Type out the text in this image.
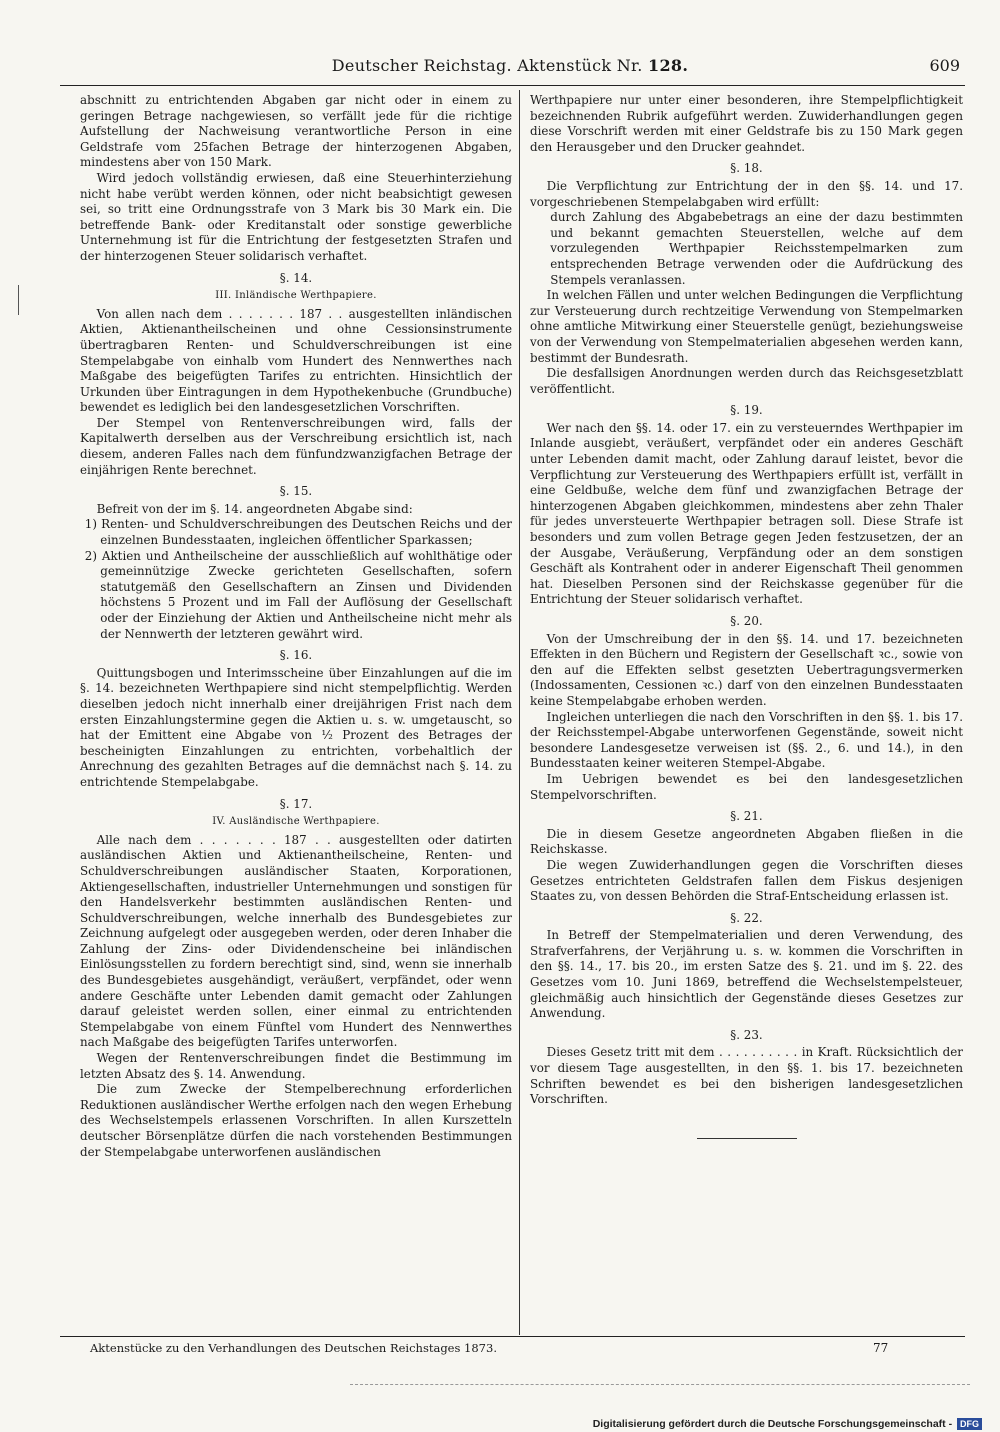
Deutscher Reichstag. Aktenstück Nr. 128.	609

abschnitt zu entrichtenden Abgaben gar nicht oder in einem zu geringen Betrage nachgewiesen, so verfällt jede für die richtige Aufstellung der Nachweisung verantwortliche Person in eine Geldstrafe vom 25fachen Betrage der hinterzogenen Abgaben, mindestens aber von 150 Mark.

Wird jedoch vollständig erwiesen, daß eine Steuerhinterziehung nicht habe verübt werden können, oder nicht beabsichtigt gewesen sei, so tritt eine Ordnungsstrafe von 3 Mark bis 30 Mark ein. Die betreffende Bank- oder Kreditanstalt oder sonstige gewerbliche Unternehmung ist für die Entrichtung der festgesetzten Strafen und der hinterzogenen Steuer solidarisch verhaftet.

§. 14.

III. Inländische Werthpapiere.

Von allen nach dem . . . . . . . 187 . . ausgestellten inländischen Aktien, Aktienantheilscheinen und ohne Cessionsinstrumente übertragbaren Renten- und Schuldverschreibungen ist eine Stempelabgabe von einhalb vom Hundert des Nennwerthes nach Maßgabe des beigefügten Tarifes zu entrichten. Hinsichtlich der Urkunden über Eintragungen in dem Hypothekenbuche (Grundbuche) bewendet es lediglich bei den landesgesetzlichen Vorschriften.

Der Stempel von Rentenverschreibungen wird, falls der Kapitalwerth derselben aus der Verschreibung ersichtlich ist, nach diesem, anderen Falles nach dem fünfundzwanzigfachen Betrage der einjährigen Rente berechnet.

§. 15.

Befreit von der im §. 14. angeordneten Abgabe sind:

1) Renten- und Schuldverschreibungen des Deutschen Reichs und der einzelnen Bundesstaaten, ingleichen öffentlicher Sparkassen;

2) Aktien und Antheilscheine der ausschließlich auf wohlthätige oder gemeinnützige Zwecke gerichteten Gesellschaften, sofern statutgemäß den Gesellschaftern an Zinsen und Dividenden höchstens 5 Prozent und im Fall der Auflösung der Gesellschaft oder der Einziehung der Aktien und Antheilscheine nicht mehr als der Nennwerth der letzteren gewährt wird.

§. 16.

Quittungsbogen und Interimsscheine über Einzahlungen auf die im §. 14. bezeichneten Werthpapiere sind nicht stempelpflichtig. Werden dieselben jedoch nicht innerhalb einer dreijährigen Frist nach dem ersten Einzahlungstermine gegen die Aktien u. s. w. umgetauscht, so hat der Emittent eine Abgabe von ⅟₂ Prozent des Betrages der bescheinigten Einzahlungen zu entrichten, vorbehaltlich der Anrechnung des gezahlten Betrages auf die demnächst nach §. 14. zu entrichtende Stempelabgabe.

§. 17.

IV. Ausländische Werthpapiere.

Alle nach dem . . . . . . . 187 . . ausgestellten oder datirten ausländischen Aktien und Aktienantheilscheine, Renten- und Schuldverschreibungen ausländischer Staaten, Korporationen, Aktiengesellschaften, industrieller Unternehmungen und sonstigen für den Handelsverkehr bestimmten ausländischen Renten- und Schuldverschreibungen, welche innerhalb des Bundesgebietes zur Zeichnung aufgelegt oder ausgegeben werden, oder deren Inhaber die Zahlung der Zins- oder Dividendenscheine bei inländischen Einlösungsstellen zu fordern berechtigt sind, sind, wenn sie innerhalb des Bundesgebietes ausgehändigt, veräußert, verpfändet, oder wenn andere Geschäfte unter Lebenden damit gemacht oder Zahlungen darauf geleistet werden sollen, einer einmal zu entrichtenden Stempelabgabe von einem Fünftel vom Hundert des Nennwerthes nach Maßgabe des beigefügten Tarifes unterworfen.

Wegen der Rentenverschreibungen findet die Bestimmung im letzten Absatz des §. 14. Anwendung.

Die zum Zwecke der Stempelberechnung erforderlichen Reduktionen ausländischer Werthe erfolgen nach den wegen Erhebung des Wechselstempels erlassenen Vorschriften. In allen Kurszetteln deutscher Börsenplätze dürfen die nach vorstehenden Bestimmungen der Stempelabgabe unterworfenen ausländischen

Werthpapiere nur unter einer besonderen, ihre Stempelpflichtigkeit bezeichnenden Rubrik aufgeführt werden. Zuwiderhandlungen gegen diese Vorschrift werden mit einer Geldstrafe bis zu 150 Mark gegen den Herausgeber und den Drucker geahndet.

§. 18.

Die Verpflichtung zur Entrichtung der in den §§. 14. und 17. vorgeschriebenen Stempelabgaben wird erfüllt:

durch Zahlung des Abgabebetrags an eine der dazu bestimmten und bekannt gemachten Steuerstellen, welche auf dem vorzulegenden Werthpapier Reichsstempelmarken zum entsprechenden Betrage verwenden oder die Aufdrückung des Stempels veranlassen.

In welchen Fällen und unter welchen Bedingungen die Verpflichtung zur Versteuerung durch rechtzeitige Verwendung von Stempelmarken ohne amtliche Mitwirkung einer Steuerstelle genügt, beziehungsweise von der Verwendung von Stempelmaterialien abgesehen werden kann, bestimmt der Bundesrath.

Die desfallsigen Anordnungen werden durch das Reichsgesetzblatt veröffentlicht.

§. 19.

Wer nach den §§. 14. oder 17. ein zu versteuerndes Werthpapier im Inlande ausgiebt, veräußert, verpfändet oder ein anderes Geschäft unter Lebenden damit macht, oder Zahlung darauf leistet, bevor die Verpflichtung zur Versteuerung des Werthpapiers erfüllt ist, verfällt in eine Geldbuße, welche dem fünf und zwanzigfachen Betrage der hinterzogenen Abgaben gleichkommen, mindestens aber zehn Thaler für jedes unversteuerte Werthpapier betragen soll. Diese Strafe ist besonders und zum vollen Betrage gegen Jeden festzusetzen, der an der Ausgabe, Veräußerung, Verpfändung oder an dem sonstigen Geschäft als Kontrahent oder in anderer Eigenschaft Theil genommen hat. Dieselben Personen sind der Reichskasse gegenüber für die Entrichtung der Steuer solidarisch verhaftet.

§. 20.

Von der Umschreibung der in den §§. 14. und 17. bezeichneten Effekten in den Büchern und Registern der Gesellschaft ꝛc., sowie von den auf die Effekten selbst gesetzten Uebertragungsvermerken (Indossamenten, Cessionen ꝛc.) darf von den einzelnen Bundesstaaten keine Stempelabgabe erhoben werden.

Ingleichen unterliegen die nach den Vorschriften in den §§. 1. bis 17. der Reichsstempel-Abgabe unterworfenen Gegenstände, soweit nicht besondere Landesgesetze verweisen ist (§§. 2., 6. und 14.), in den Bundesstaaten keiner weiteren Stempel-Abgabe.

Im Uebrigen bewendet es bei den landesgesetzlichen Stempelvorschriften.

§. 21.

Die in diesem Gesetze angeordneten Abgaben fließen in die Reichskasse.

Die wegen Zuwiderhandlungen gegen die Vorschriften dieses Gesetzes entrichteten Geldstrafen fallen dem Fiskus desjenigen Staates zu, von dessen Behörden die Straf-Entscheidung erlassen ist.

§. 22.

In Betreff der Stempelmaterialien und deren Verwendung, des Strafverfahrens, der Verjährung u. s. w. kommen die Vorschriften in den §§. 14., 17. bis 20., im ersten Satze des §. 21. und im §. 22. des Gesetzes vom 10. Juni 1869, betreffend die Wechselstempelsteuer, gleichmäßig auch hinsichtlich der Gegenstände dieses Gesetzes zur Anwendung.

§. 23.

Dieses Gesetz tritt mit dem . . . . . . . . . . in Kraft. Rücksichtlich der vor diesem Tage ausgestellten, in den §§. 1. bis 17. bezeichneten Schriften bewendet es bei den bisherigen landesgesetzlichen Vorschriften.

Aktenstücke zu den Verhandlungen des Deutschen Reichstages 1873.	77
Digitalisierung gefördert durch die Deutsche Forschungsgemeinschaft - DFG
